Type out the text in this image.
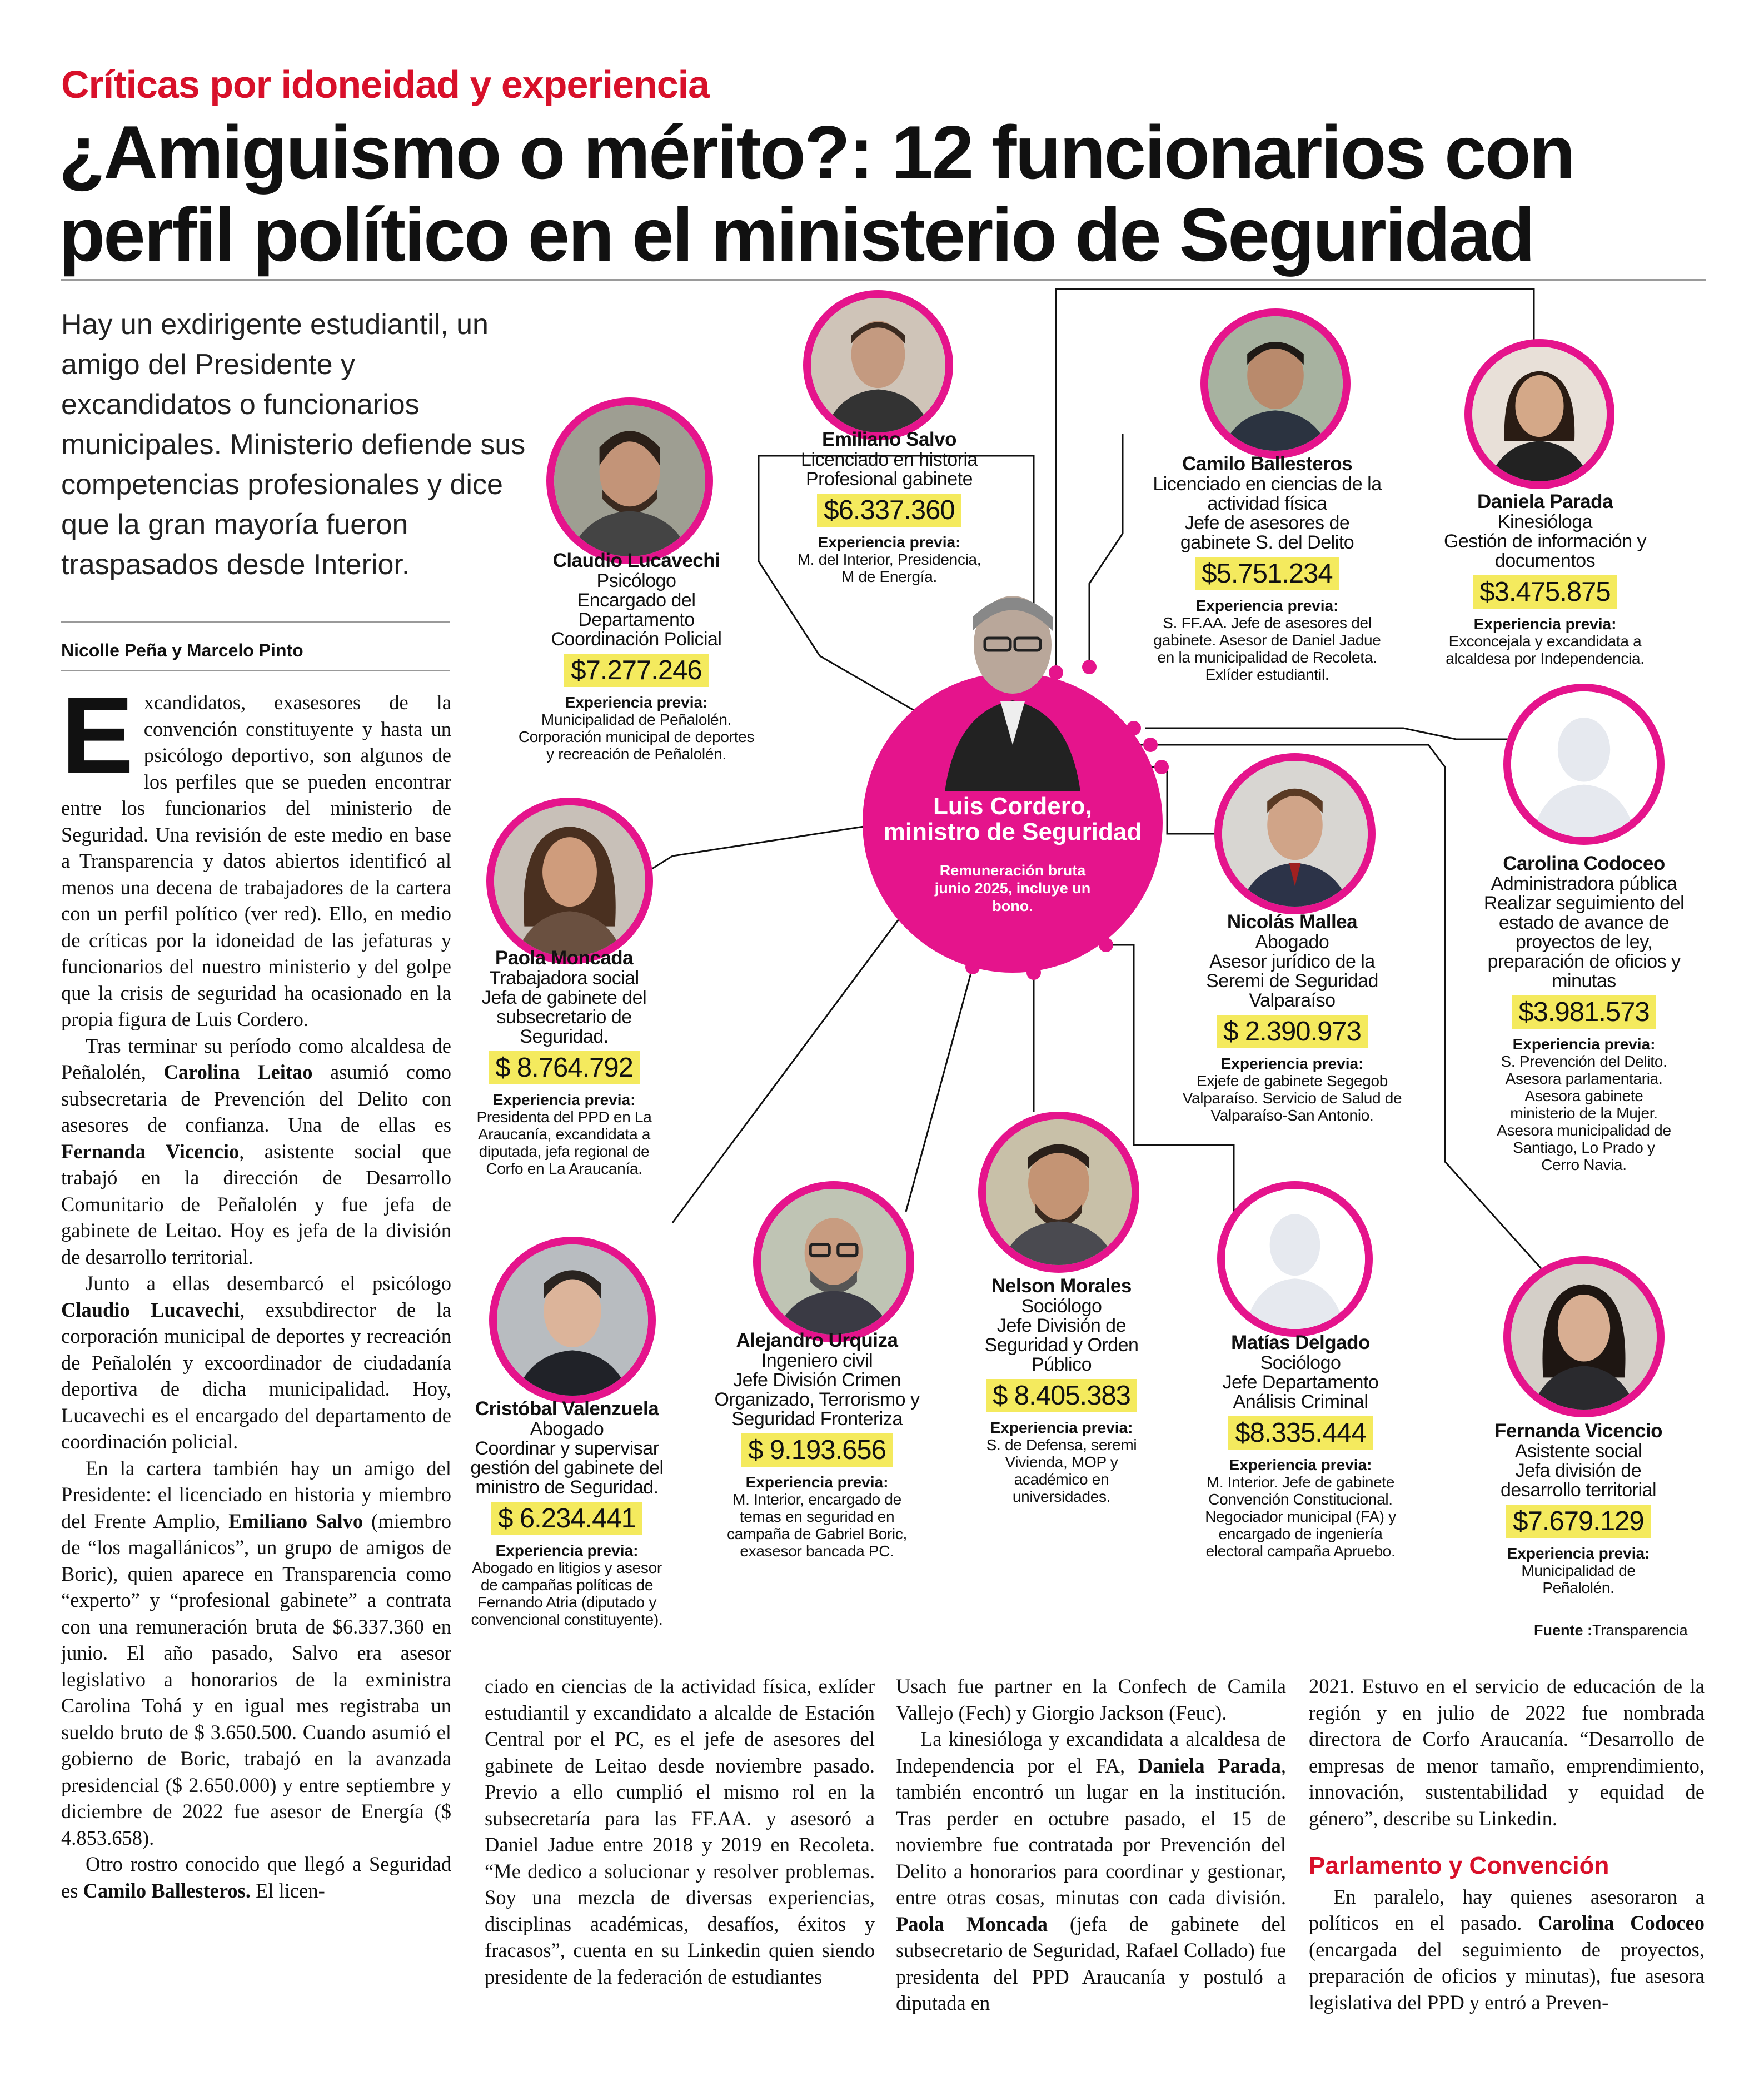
Críticas por idoneidad y experiencia
¿Amiguismo o mérito?: 12 funcionarios con
perfil político en el ministerio de Seguridad
Hay un exdirigente estudiantil, un amigo del Presidente y excandidatos o funcionarios municipales. Ministerio defiende sus competencias profesionales y dice que la gran mayoría fueron traspasados desde Interior.
Nicolle Peña y Marcelo Pinto
Luis Cordero,
ministro de Seguridad
Remuneración bruta junio 2025, incluye un bono.
Emiliano Salvo
Licenciado en historia
Profesional gabinete
$6.337.360
Experiencia previa:
M. del Interior, Presidencia,
M de Energía.
Camilo Ballesteros
Licenciado en ciencias de la
actividad física
Jefe de asesores de
gabinete S. del Delito
$5.751.234
Experiencia previa:
S. FF.AA. Jefe de asesores del
gabinete. Asesor de Daniel Jadue
en la municipalidad de Recoleta.
Exlíder estudiantil.
Daniela Parada
Kinesióloga
Gestión de información y
documentos
$3.475.875
Experiencia previa:
Exconcejala y excandidata a
alcaldesa por Independencia.
Claudio Lucavechi
Psicólogo
Encargado del
Departamento
Coordinación Policial
$7.277.246
Experiencia previa:
Municipalidad de Peñalolén.
Corporación municipal de deportes
y recreación de Peñalolén.
Carolina Codoceo
Administradora pública
Realizar seguimiento del
estado de avance de
proyectos de ley,
preparación de oficios y
minutas
$3.981.573
Experiencia previa:
S. Prevención del Delito.
Asesora parlamentaria.
Asesora gabinete
ministerio de la Mujer.
Asesora municipalidad de
Santiago, Lo Prado y
Cerro Navia.
Nicolás Mallea
Abogado
Asesor jurídico de la
Seremi de Seguridad
Valparaíso
$ 2.390.973
Experiencia previa:
Exjefe de gabinete Segegob
Valparaíso. Servicio de Salud de
Valparaíso-San Antonio.
Paola Moncada
Trabajadora social
Jefa de gabinete del
subsecretario de
Seguridad.
$ 8.764.792
Experiencia previa:
Presidenta del PPD en La
Araucanía, excandidata a
diputada, jefa regional de
Corfo en La Araucanía.
Cristóbal Valenzuela
Abogado
Coordinar y supervisar
gestión del gabinete del
ministro de Seguridad.
$ 6.234.441
Experiencia previa:
Abogado en litigios y asesor
de campañas políticas de
Fernando Atria (diputado y
convencional constituyente).
Alejandro Urquiza
Ingeniero civil
Jefe División Crimen
Organizado, Terrorismo y
Seguridad Fronteriza
$ 9.193.656
Experiencia previa:
M. Interior, encargado de
temas en seguridad en
campaña de Gabriel Boric,
exasesor bancada PC.
Nelson Morales
Sociólogo
Jefe División de
Seguridad y Orden
Público
$ 8.405.383
Experiencia previa:
S. de Defensa, seremi
Vivienda, MOP y
académico en
universidades.
Matías Delgado
Sociólogo
Jefe Departamento
Análisis Criminal
$8.335.444
Experiencia previa:
M. Interior. Jefe de gabinete
Convención Constitucional.
Negociador municipal (FA) y
encargado de ingeniería
electoral campaña Apruebo.
Fernanda Vicencio
Asistente social
Jefa división de
desarrollo territorial
$7.679.129
Experiencia previa:
Municipalidad de
Peñalolén.
Fuente :Transparencia

Excandidatos, exasesores de la convención constituyente y hasta un psicólogo deportivo, son algunos de los perfiles que se pueden encontrar entre los funcionarios del ministerio de Seguridad. Una revisión de este medio en base a Transparencia y datos abiertos identificó al menos una decena de trabajadores de la cartera con un perfil político (ver red). Ello, en medio de críticas por la idoneidad de las jefaturas y funcionarios del nuestro ministerio y del golpe que la crisis de seguridad ha ocasionado en la propia figura de Luis Cordero.

Tras terminar su período como alcaldesa de Peñalolén, Carolina Leitao asumió como subsecretaria de Prevención del Delito con asesores de confianza. Una de ellas es Fernanda Vicencio, asistente social que trabajó en la dirección de Desarrollo Comunitario de Peñalolén y fue jefa de gabinete de Leitao. Hoy es jefa de la división de desarrollo territorial.

Junto a ellas desembarcó el psicólogo Claudio Lucavechi, exsubdirector de la corporación municipal de deportes y recreación de Peñalolén y excoordinador de ciudadanía deportiva de dicha municipalidad. Hoy, Lucavechi es el encargado del departamento de coordinación policial.

En la cartera también hay un amigo del Presidente: el licenciado en historia y miembro del Frente Amplio, Emiliano Salvo (miembro de “los magallánicos”, un grupo de amigos de Boric), quien aparece en Transparencia como “experto” y “profesional gabinete” a contrata con una remuneración bruta de $6.337.360 en junio. El año pasado, Salvo era asesor legislativo a honorarios de la exministra Carolina Tohá y en igual mes registraba un sueldo bruto de $ 3.650.500. Cuando asumió el gobierno de Boric, trabajó en la avanzada presidencial ($ 2.650.000) y entre septiembre y diciembre de 2022 fue asesor de Energía ($ 4.853.658).

Otro rostro conocido que llegó a Seguridad es Camilo Ballesteros. El licen-

ciado en ciencias de la actividad física, exlíder estudiantil y excandidato a alcalde de Estación Central por el PC, es el jefe de asesores del gabinete de Leitao desde noviembre pasado. Previo a ello cumplió el mismo rol en la subsecretaría para las FF.AA. y asesoró a Daniel Jadue entre 2018 y 2019 en Recoleta. “Me dedico a solucionar y resolver problemas. Soy una mezcla de diversas experiencias, disciplinas académicas, desafíos, éxitos y fracasos”, cuenta en su Linkedin quien siendo presidente de la federación de estudiantes

Usach fue partner en la Confech de Camila Vallejo (Fech) y Giorgio Jackson (Feuc).

La kinesióloga y excandidata a alcaldesa de Independencia por el FA, Daniela Parada, también encontró un lugar en la institución. Tras perder en octubre pasado, el 15 de noviembre fue contratada por Prevención del Delito a honorarios para coordinar y gestionar, entre otras cosas, minutas con cada división. Paola Moncada (jefa de gabinete del subsecretario de Seguridad, Rafael Collado) fue presidenta del PPD Araucanía y postuló a diputada en

2021. Estuvo en el servicio de educación de la región y en julio de 2022 fue nombrada directora de Corfo Araucanía. “Desarrollo de empresas de menor tamaño, emprendimiento, innovación, sustentabilidad y equidad de género”, describe su Linkedin.

Parlamento y Convención

En paralelo, hay quienes asesoraron a políticos en el pasado. Carolina Codoceo (encargada del seguimiento de proyectos, preparación de oficios y minutas), fue asesora legislativa del PPD y entró a Preven-
